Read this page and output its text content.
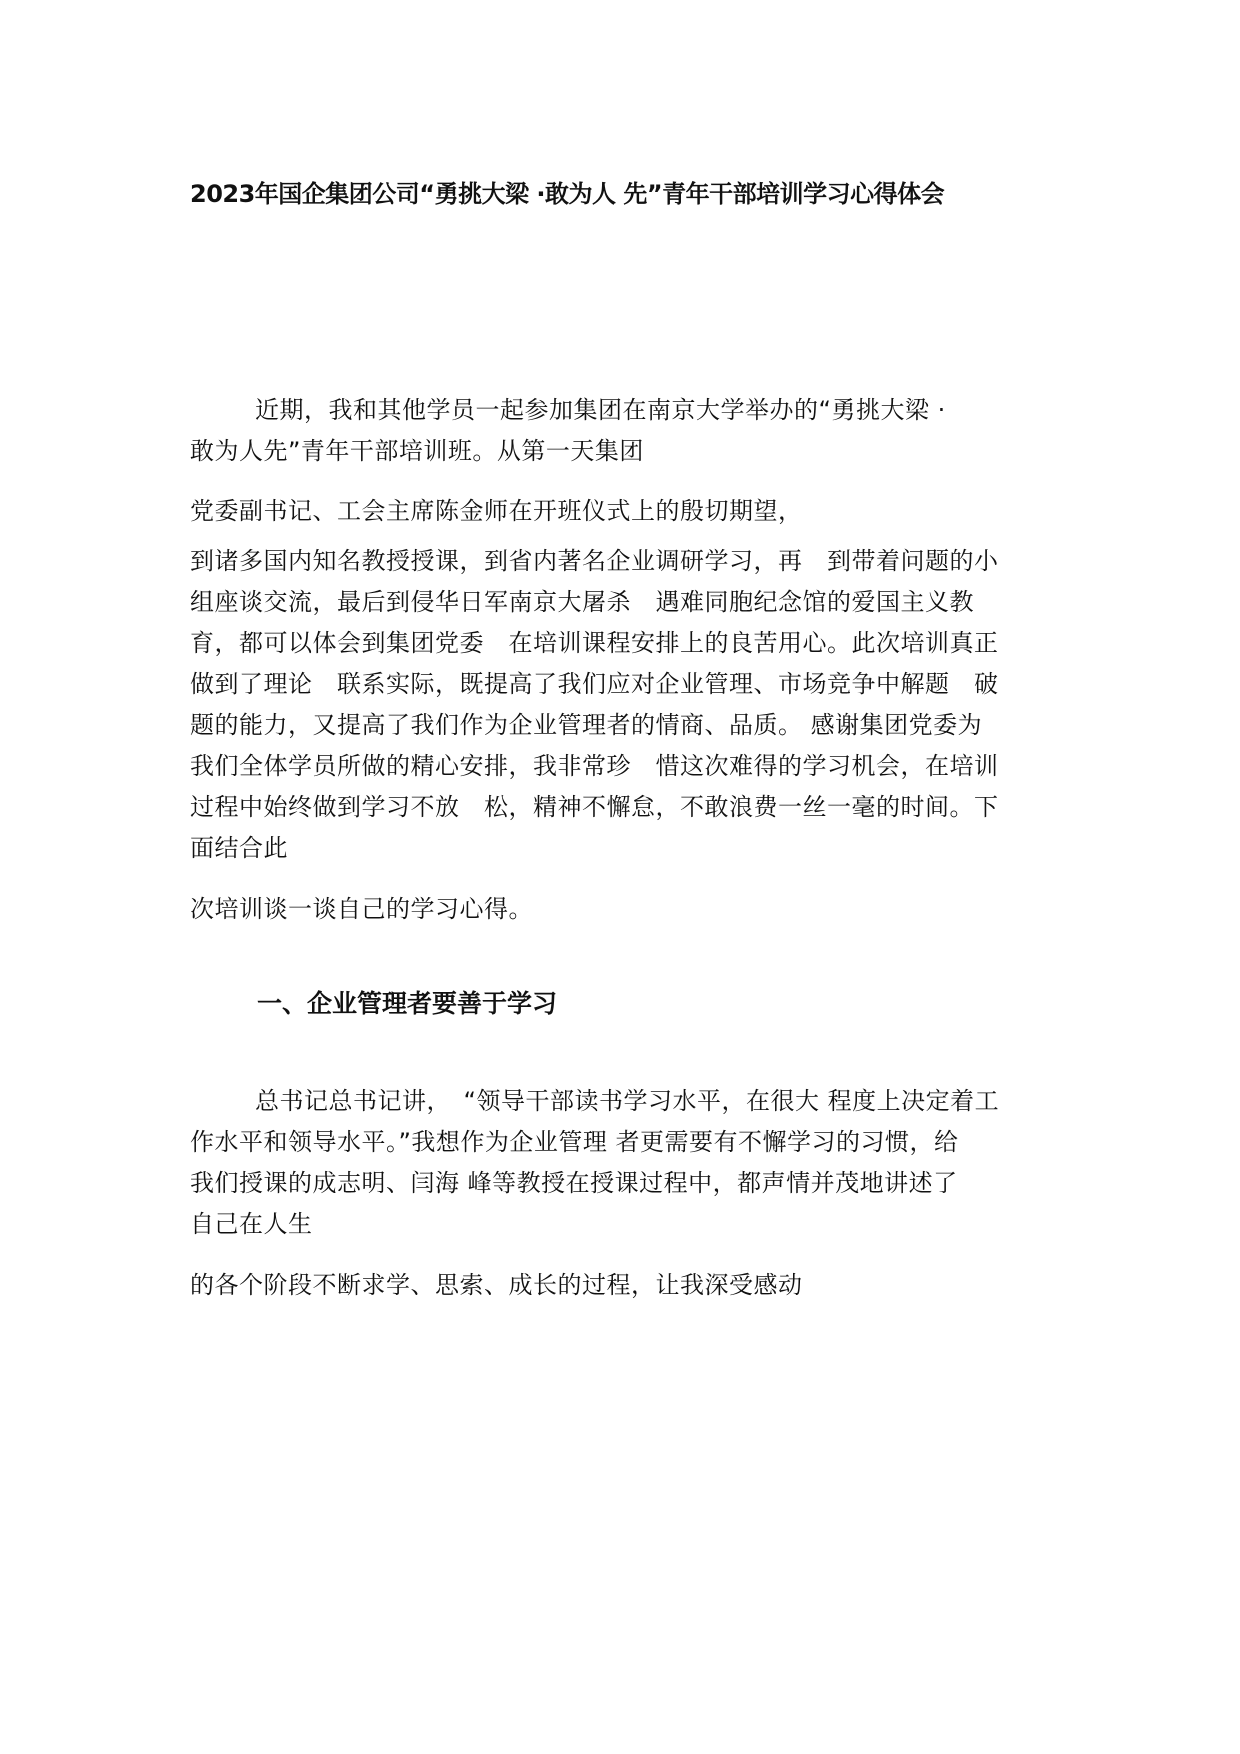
2023年国企集团公司“勇挑大梁 ·敢为人 先”青年干部培训学习心得体会
近期，我和其他学员一起参加集团在南京大学举办的“勇挑大梁 ·
敢为人先”青年干部培训班。从第一天集团
党委副书记、工会主席陈金师在开班仪式上的殷切期望，
到诸多国内知名教授授课，到省内著名企业调研学习，再　到带着问题的小
组座谈交流，最后到侵华日军南京大屠杀　遇难同胞纪念馆的爱国主义教
育，都可以体会到集团党委　在培训课程安排上的良苦用心。此次培训真正
做到了理论　联系实际，既提高了我们应对企业管理、市场竞争中解题　破
题的能力，又提高了我们作为企业管理者的情商、品质。 感谢集团党委为
我们全体学员所做的精心安排，我非常珍　惜这次难得的学习机会，在培训
过程中始终做到学习不放　松，精神不懈怠，不敢浪费一丝一毫的时间。下
面结合此
次培训谈一谈自己的学习心得。
一、企业管理者要善于学习
总书记总书记讲，　“领导干部读书学习水平，在很大 程度上决定着工
作水平和领导水平。”我想作为企业管理 者更需要有不懈学习的习惯，给
我们授课的成志明、闫海 峰等教授在授课过程中，都声情并茂地讲述了
自己在人生
的各个阶段不断求学、思索、成长的过程，让我深受感动
